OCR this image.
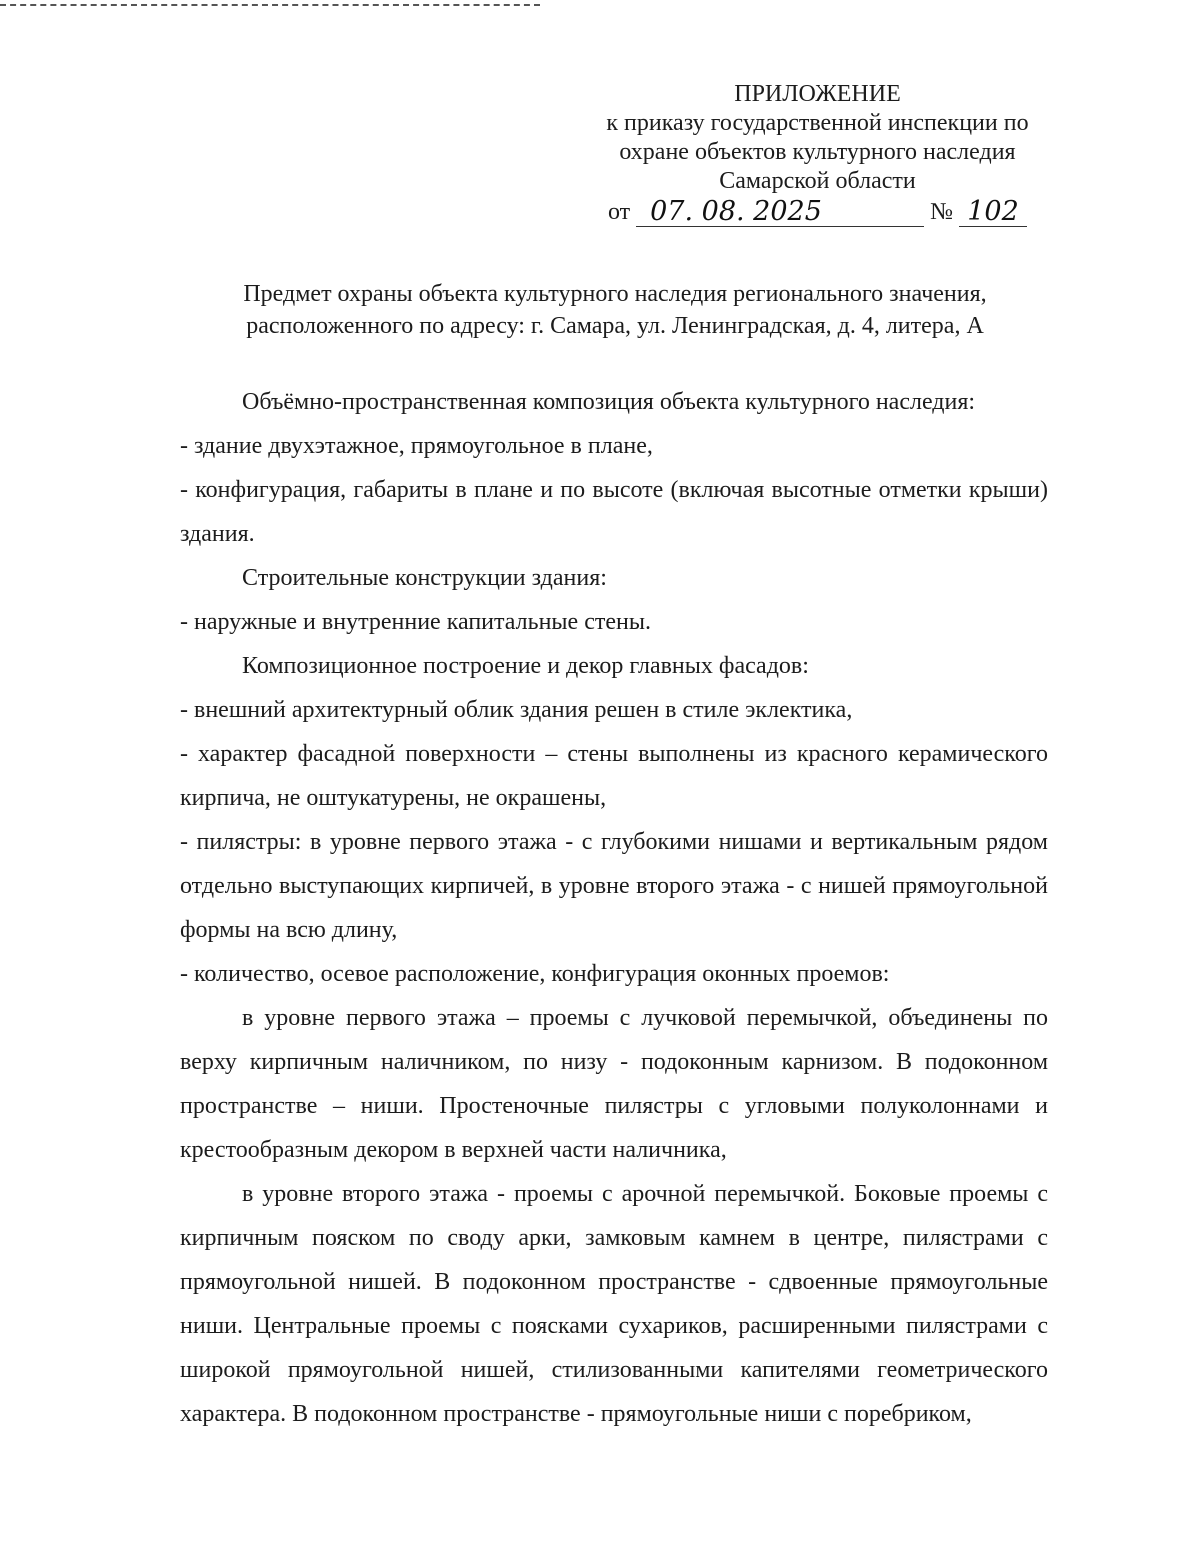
ПРИЛОЖЕНИЕ
к приказу государственной инспекции по
охране объектов культурного наследия
Самарской области
от 07. 08. 2025	№ 102
Предмет охраны объекта культурного наследия регионального значения,
расположенного по адресу: г. Самара, ул. Ленинградская, д. 4, литера, А

Объёмно-пространственная композиция объекта культурного наследия:

- здание двухэтажное, прямоугольное в плане,

- конфигурация, габариты в плане и по высоте (включая высотные отметки крыши) здания.

Строительные конструкции здания:

- наружные и внутренние капитальные стены.

Композиционное построение и декор главных фасадов:

- внешний архитектурный облик здания решен в стиле эклектика,

- характер фасадной поверхности – стены выполнены из красного керамического кирпича, не оштукатурены, не окрашены,

- пилястры: в уровне первого этажа - с глубокими нишами и вертикальным рядом отдельно выступающих кирпичей, в уровне второго этажа - с нишей прямоугольной формы на всю длину,

- количество, осевое расположение, конфигурация оконных проемов:

в уровне первого этажа – проемы с лучковой перемычкой, объединены по верху кирпичным наличником, по низу - подоконным карнизом. В подоконном пространстве – ниши. Простеночные пилястры с угловыми полуколоннами и крестообразным декором в верхней части наличника,

в уровне второго этажа - проемы с арочной перемычкой. Боковые проемы с кирпичным пояском по своду арки, замковым камнем в центре, пилястрами с прямоугольной нишей. В подоконном пространстве - сдвоенные прямоугольные ниши. Центральные проемы с поясками сухариков, расширенными пилястрами с широкой прямоугольной нишей, стилизованными капителями геометрического характера. В подоконном пространстве - прямоугольные ниши с поребриком,
